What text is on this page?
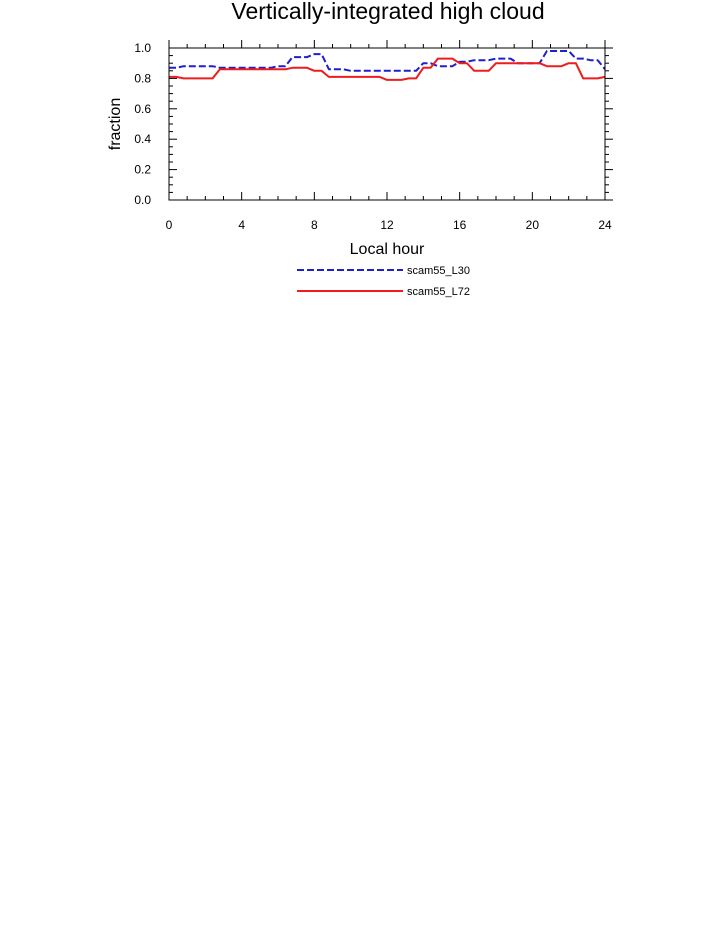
Vertically-integrated high cloud
0	4	8	12	16	20	24
0.0
0.2
0.4
0.6
0.8
1.0
Local hour
fraction
scam55_L30
scam55_L72
